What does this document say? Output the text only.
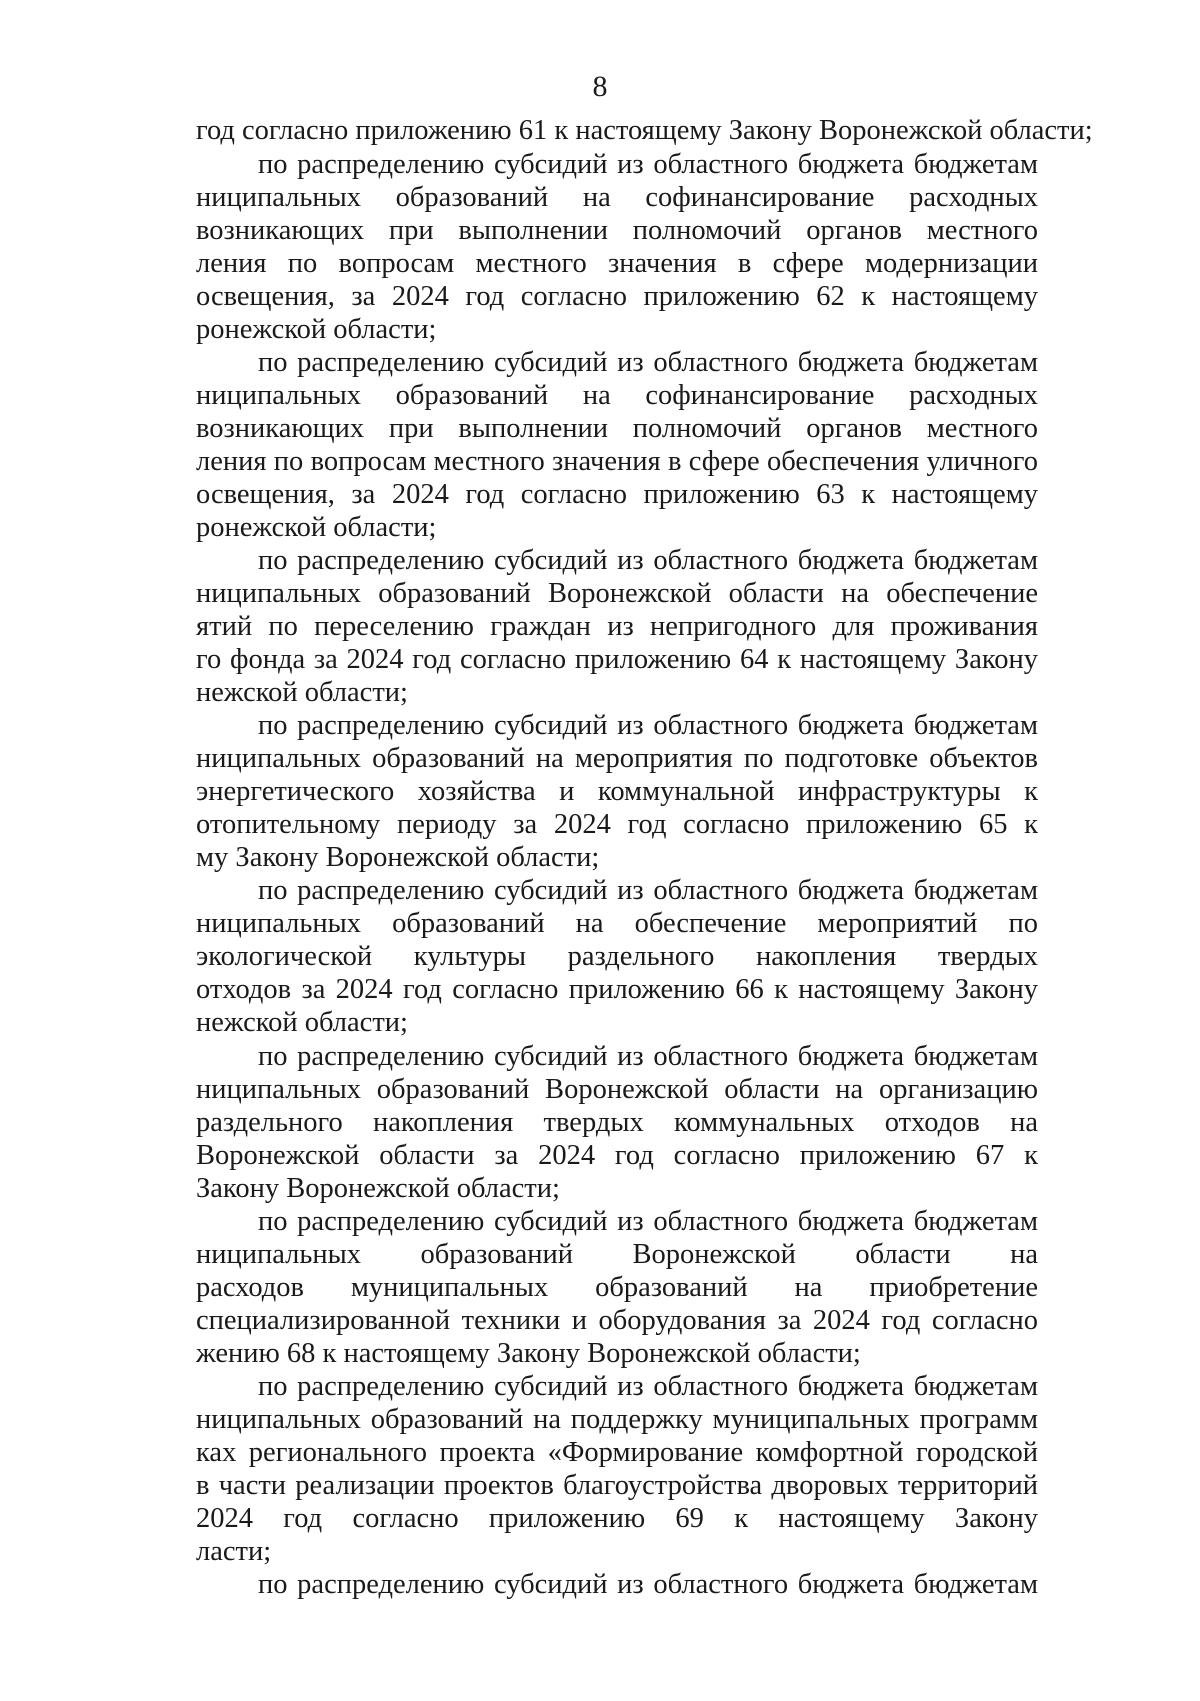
8
год согласно приложению 61 к настоящему Закону Воронежской области;
по распределению субсидий из областного бюджета бюджетам
ниципальных образований на софинансирование расходных
возникающих при выполнении полномочий органов местного
ления по вопросам местного значения в сфере модернизации
освещения, за 2024 год согласно приложению 62 к настоящему
ронежской области;
по распределению субсидий из областного бюджета бюджетам
ниципальных образований на софинансирование расходных
возникающих при выполнении полномочий органов местного
ления по вопросам местного значения в сфере обеспечения уличного
освещения, за 2024 год согласно приложению 63 к настоящему
ронежской области;
по распределению субсидий из областного бюджета бюджетам
ниципальных образований Воронежской области на обеспечение
ятий по переселению граждан из непригодного для проживания
го фонда за 2024 год согласно приложению 64 к настоящему Закону
нежской области;
по распределению субсидий из областного бюджета бюджетам
ниципальных образований на мероприятия по подготовке объектов
энергетического хозяйства и коммунальной инфраструктуры к
отопительному периоду за 2024 год согласно приложению 65 к
му Закону Воронежской области;
по распределению субсидий из областного бюджета бюджетам
ниципальных образований на обеспечение мероприятий по
экологической культуры раздельного накопления твердых
отходов за 2024 год согласно приложению 66 к настоящему Закону
нежской области;
по распределению субсидий из областного бюджета бюджетам
ниципальных образований Воронежской области на организацию
раздельного накопления твердых коммунальных отходов на
Воронежской области за 2024 год согласно приложению 67 к
Закону Воронежской области;
по распределению субсидий из областного бюджета бюджетам
ниципальных образований Воронежской области на
расходов муниципальных образований на приобретение
специализированной техники и оборудования за 2024 год согласно
жению 68 к настоящему Закону Воронежской области;
по распределению субсидий из областного бюджета бюджетам
ниципальных образований на поддержку муниципальных программ
ках регионального проекта «Формирование комфортной городской
в части реализации проектов благоустройства дворовых территорий
2024 год согласно приложению 69 к настоящему Закону
ласти;
по распределению субсидий из областного бюджета бюджетам
